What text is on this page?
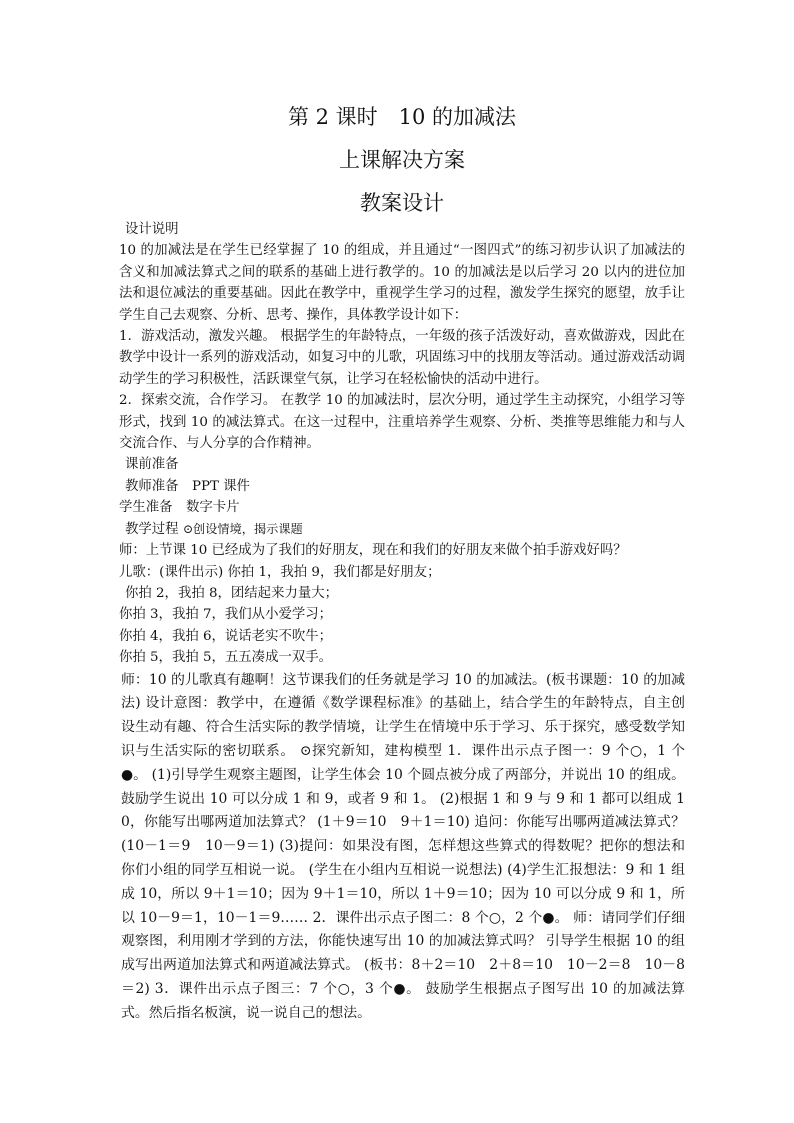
第 2 课时　10 的加减法
上课解决方案
教案设计

设计说明

10 的加减法是在学生已经掌握了 10 的组成，并且通过“一图四式”的练习初步认识了加减法的含义和加减法算式之间的联系的基础上进行教学的。10 的加减法是以后学习 20 以内的进位加法和退位减法的重要基础。因此在教学中，重视学生学习的过程，激发学生探究的愿望，放手让学生自己去观察、分析、思考、操作，具体教学设计如下：

1．游戏活动，激发兴趣。 根据学生的年龄特点，一年级的孩子活泼好动，喜欢做游戏，因此在教学中设计一系列的游戏活动，如复习中的儿歌，巩固练习中的找朋友等活动。通过游戏活动调动学生的学习积极性，活跃课堂气氛，让学习在轻松愉快的活动中进行。

2．探索交流，合作学习。 在教学 10 的加减法时，层次分明，通过学生主动探究，小组学习等形式，找到 10 的减法算式。在这一过程中，注重培养学生观察、分析、类推等思维能力和与人交流合作、与人分享的合作精神。

课前准备

教师准备　PPT 课件

学生准备　数字卡片

教学过程 ⊙创设情境，揭示课题

师：上节课 10 已经成为了我们的好朋友，现在和我们的好朋友来做个拍手游戏好吗？

儿歌：(课件出示) 你拍 1，我拍 9，我们都是好朋友；

你拍 2，我拍 8，团结起来力量大；

你拍 3，我拍 7，我们从小爱学习；

你拍 4，我拍 6，说话老实不吹牛；

你拍 5，我拍 5，五五凑成一双手。

师：10 的儿歌真有趣啊！这节课我们的任务就是学习 10 的加减法。(板书课题：10 的加减法) 设计意图：教学中，在遵循《数学课程标准》的基础上，结合学生的年龄特点，自主创设生动有趣、符合生活实际的教学情境，让学生在情境中乐于学习、乐于探究，感受数学知识与生活实际的密切联系。 ⊙探究新知，建构模型 1．课件出示点子图一：9 个○，1 个●。 (1)引导学生观察主题图，让学生体会 10 个圆点被分成了两部分，并说出 10 的组成。鼓励学生说出 10 可以分成 1 和 9，或者 9 和 1。 (2)根据 1 和 9 与 9 和 1 都可以组成 10，你能写出哪两道加法算式？ (1＋9＝10　9＋1＝10) 追问：你能写出哪两道减法算式？(10－1＝9　10－9＝1) (3)提问：如果没有图，怎样想这些算式的得数呢？把你的想法和你们小组的同学互相说一说。 (学生在小组内互相说一说想法) (4)学生汇报想法：9 和 1 组成 10，所以 9＋1＝10；因为 9＋1＝10，所以 1＋9＝10；因为 10 可以分成 9 和 1，所以 10－9＝1，10－1＝9…… 2．课件出示点子图二：8 个○，2 个●。 师：请同学们仔细观察图，利用刚才学到的方法，你能快速写出 10 的加减法算式吗？ 引导学生根据 10 的组成写出两道加法算式和两道减法算式。 (板书：8＋2＝10　2＋8＝10　10－2＝8　10－8＝2) 3．课件出示点子图三：7 个○，3 个●。 鼓励学生根据点子图写出 10 的加减法算式。然后指名板演，说一说自己的想法。
